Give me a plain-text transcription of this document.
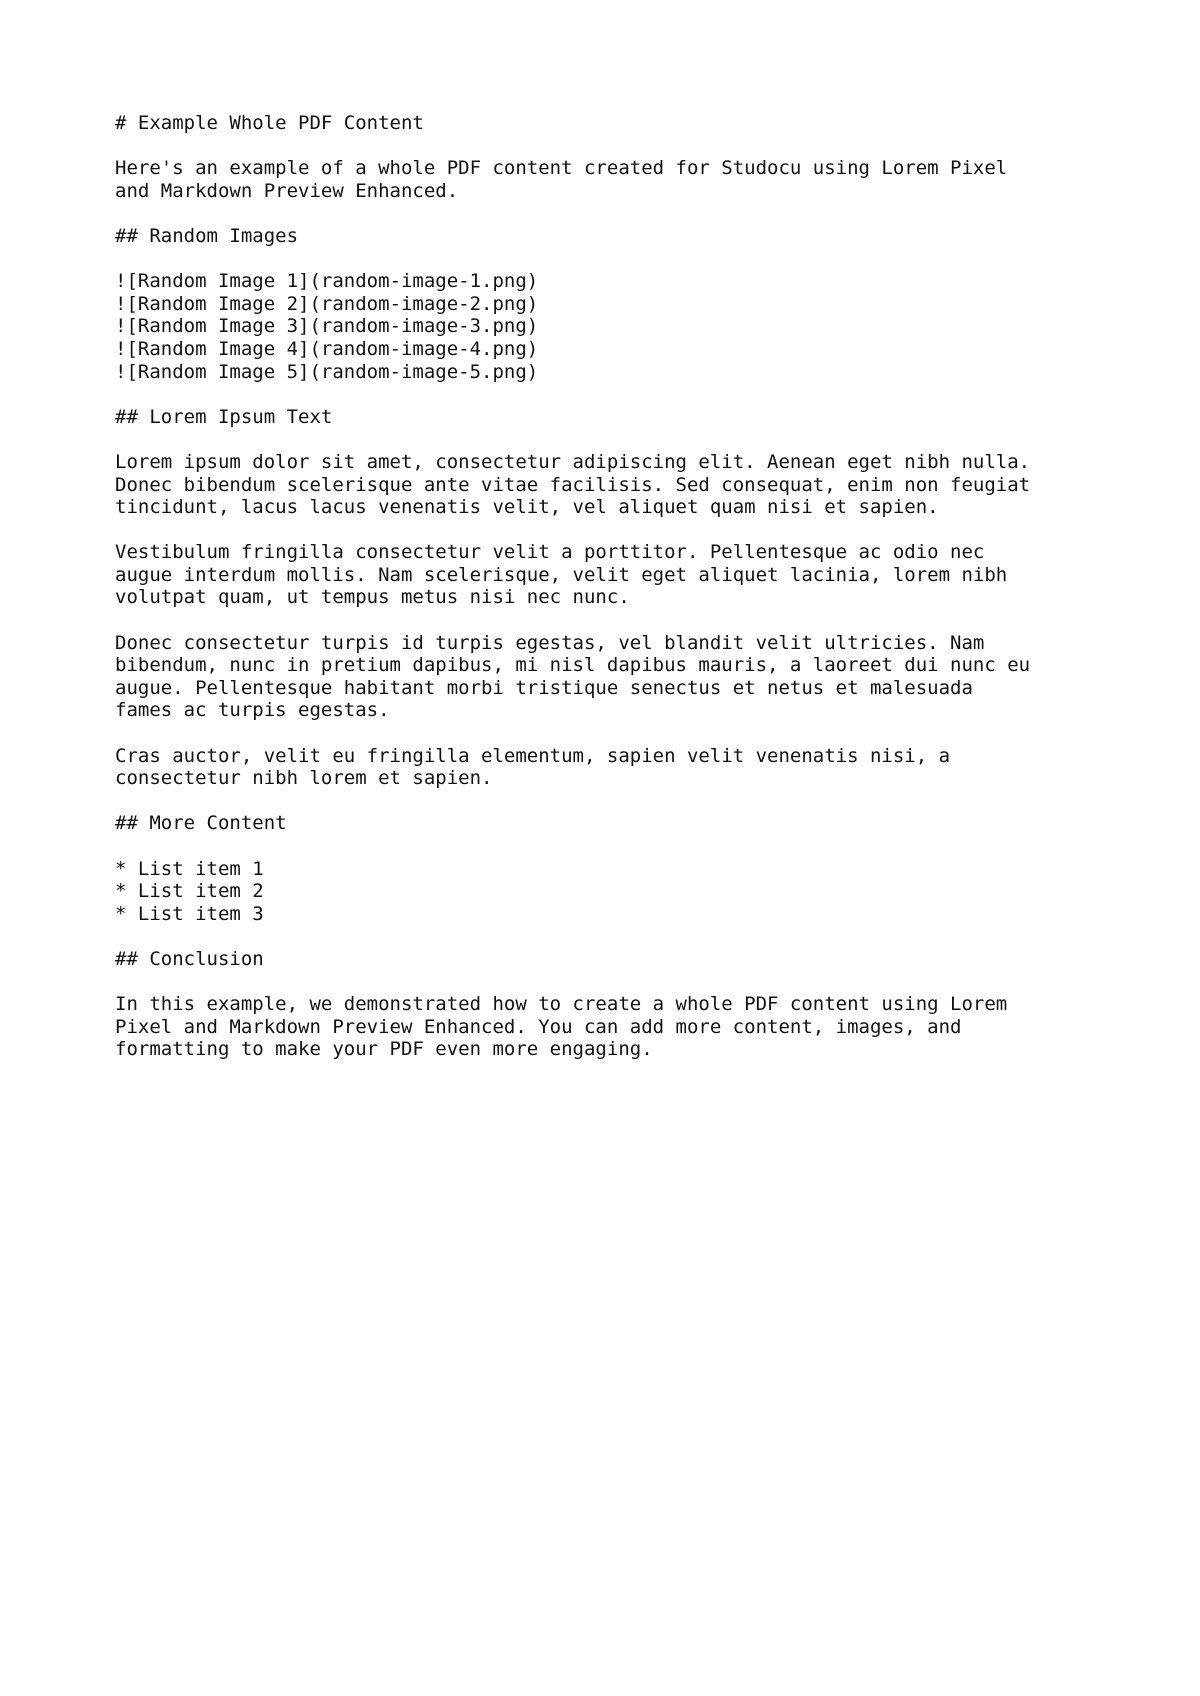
# Example Whole PDF Content
Here's an example of a whole PDF content created for Studocu using Lorem Pixel
and Markdown Preview Enhanced.
## Random Images
![Random Image 1](random-image-1.png)
![Random Image 2](random-image-2.png)
![Random Image 3](random-image-3.png)
![Random Image 4](random-image-4.png)
![Random Image 5](random-image-5.png)
## Lorem Ipsum Text
Lorem ipsum dolor sit amet, consectetur adipiscing elit. Aenean eget nibh nulla.
Donec bibendum scelerisque ante vitae facilisis. Sed consequat, enim non feugiat
tincidunt, lacus lacus venenatis velit, vel aliquet quam nisi et sapien.
Vestibulum fringilla consectetur velit a porttitor. Pellentesque ac odio nec
augue interdum mollis. Nam scelerisque, velit eget aliquet lacinia, lorem nibh
volutpat quam, ut tempus metus nisi nec nunc.
Donec consectetur turpis id turpis egestas, vel blandit velit ultricies. Nam
bibendum, nunc in pretium dapibus, mi nisl dapibus mauris, a laoreet dui nunc eu
augue. Pellentesque habitant morbi tristique senectus et netus et malesuada
fames ac turpis egestas.
Cras auctor, velit eu fringilla elementum, sapien velit venenatis nisi, a
consectetur nibh lorem et sapien.
## More Content
* List item 1
* List item 2
* List item 3
## Conclusion
In this example, we demonstrated how to create a whole PDF content using Lorem
Pixel and Markdown Preview Enhanced. You can add more content, images, and
formatting to make your PDF even more engaging.
